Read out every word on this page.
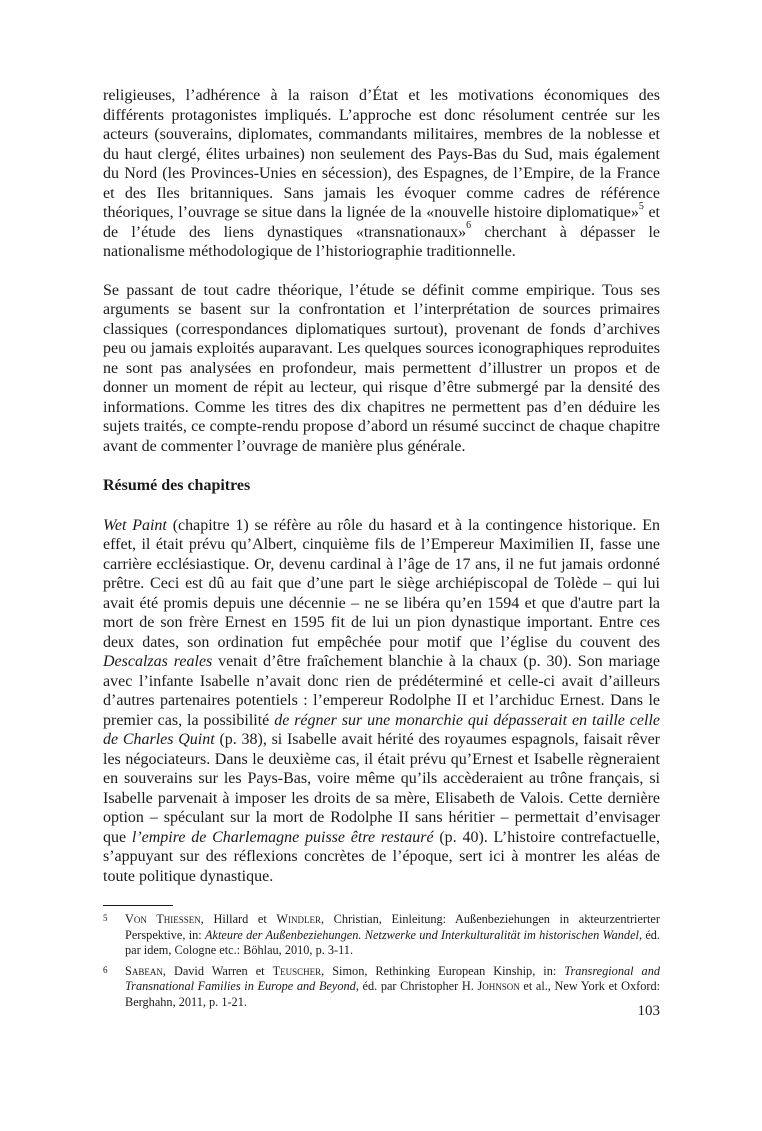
religieuses, l’adhérence à la raison d’État et les motivations économiques des différents protagonistes impliqués. L’approche est donc résolument centrée sur les acteurs (souverains, diplomates, commandants militaires, membres de la noblesse et du haut clergé, élites urbaines) non seulement des Pays-Bas du Sud, mais également du Nord (les Provinces-Unies en sécession), des Espagnes, de l’Empire, de la France et des Iles britanniques. Sans jamais les évoquer comme cadres de référence théoriques, l’ouvrage se situe dans la lignée de la «nouvelle histoire diplomatique»$^5$ et de l’étude des liens dynastiques «transnationaux»$^6$ cherchant à dépasser le nationalisme méthodologique de l’historiographie traditionnelle.

Se passant de tout cadre théorique, l’étude se définit comme empirique. Tous ses arguments se basent sur la confrontation et l’interprétation de sources primaires classiques (correspondances diplomatiques surtout), provenant de fonds d’archives peu ou jamais exploités auparavant. Les quelques sources iconographiques reproduites ne sont pas analysées en profondeur, mais permettent d’illustrer un propos et de donner un moment de répit au lecteur, qui risque d’être submergé par la densité des informations. Comme les titres des dix chapitres ne permettent pas d’en déduire les sujets traités, ce compte-rendu propose d’abord un résumé succinct de chaque chapitre avant de commenter l’ouvrage de manière plus générale.

Résumé des chapitres

Wet Paint (chapitre 1) se réfère au rôle du hasard et à la contingence historique. En effet, il était prévu qu’Albert, cinquième fils de l’Empereur Maximilien II, fasse une carrière ecclésiastique. Or, devenu cardinal à l’âge de 17 ans, il ne fut jamais ordonné prêtre. Ceci est dû au fait que d’une part le siège archiépiscopal de Tolède – qui lui avait été promis depuis une décennie – ne se libéra qu’en 1594 et que d'autre part la mort de son frère Ernest en 1595 fit de lui un pion dynastique important. Entre ces deux dates, son ordination fut empêchée pour motif que l’église du couvent des Descalzas reales venait d’être fraîchement blanchie à la chaux (p. 30). Son mariage avec l’infante Isabelle n’avait donc rien de prédéterminé et celle-ci avait d’ailleurs d’autres partenaires potentiels : l’empereur Rodolphe II et l’archiduc Ernest. Dans le premier cas, la possibilité de régner sur une monarchie qui dépasserait en taille celle de Charles Quint (p. 38), si Isabelle avait hérité des royaumes espagnols, faisait rêver les négociateurs. Dans le deuxième cas, il était prévu qu’Ernest et Isabelle règneraient en souverains sur les Pays-Bas, voire même qu’ils accèderaient au trône français, si Isabelle parvenait à imposer les droits de sa mère, Elisabeth de Valois. Cette dernière option – spéculant sur la mort de Rodolphe II sans héritier – permettait d’envisager que l’empire de Charlemagne puisse être restauré (p. 40). L’histoire contrefactuelle, s’appuyant sur des réflexions concrètes de l’époque, sert ici à montrer les aléas de toute politique dynastique.

5 Von Thiessen, Hillard et Windler, Christian, Einleitung: Außenbeziehungen in akteurzentrierter Perspektive, in: Akteure der Außenbeziehungen. Netzwerke und Interkulturalität im historischen Wandel, éd. par idem, Cologne etc.: Böhlau, 2010, p. 3-11.

6 Sabean, David Warren et Teuscher, Simon, Rethinking European Kinship, in: Transregional and Transnational Families in Europe and Beyond, éd. par Christopher H. Johnson et al., New York et Oxford: Berghahn, 2011, p. 1-21.

103
